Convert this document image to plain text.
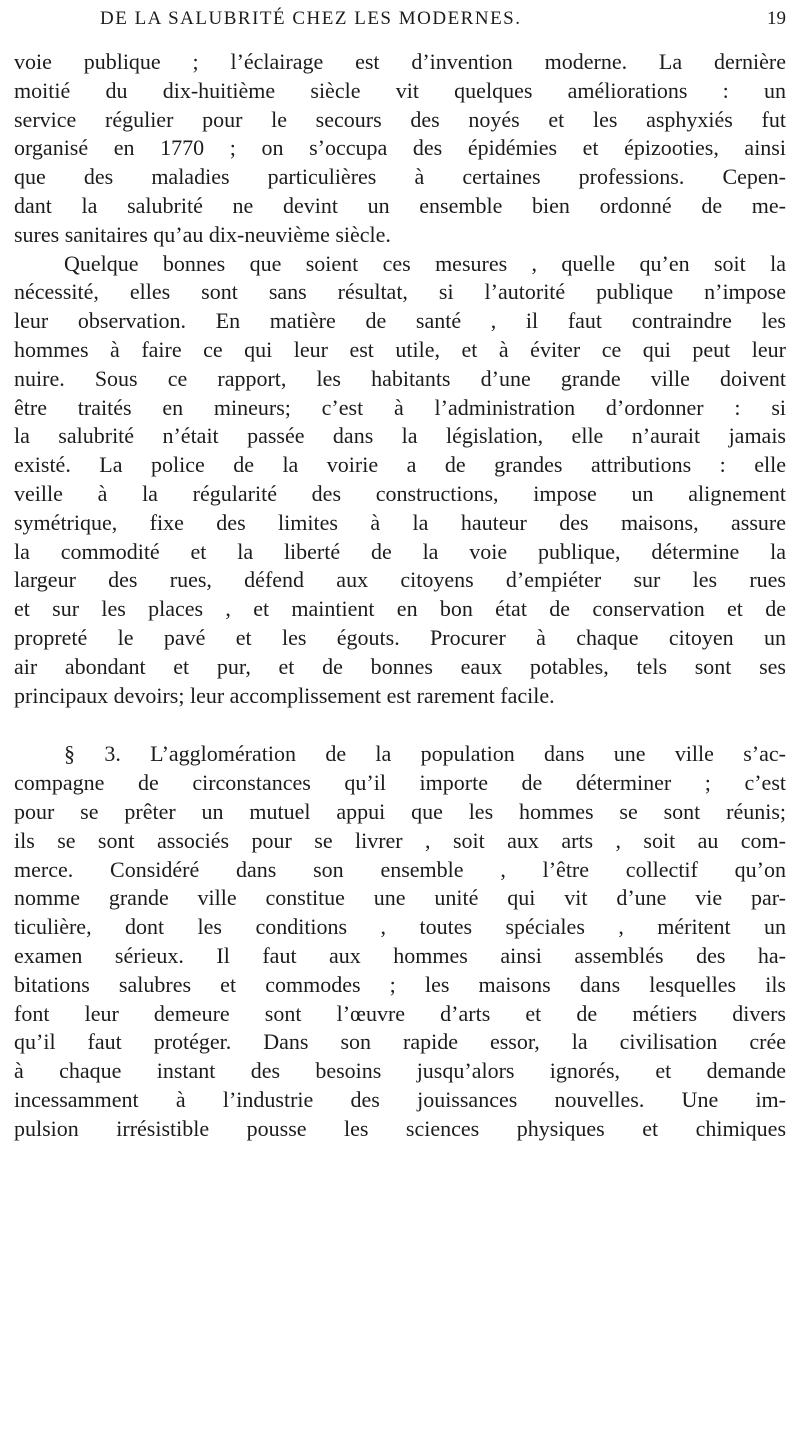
DE LA SALUBRITÉ CHEZ LES MODERNES.	19
voie publique ; l’éclairage est d’invention moderne. La dernière
moitié du dix-huitième siècle vit quelques améliorations : un
service régulier pour le secours des noyés et les asphyxiés fut
organisé en 1770 ; on s’occupa des épidémies et épizooties, ainsi
que des maladies particulières à certaines professions. Cepen-
dant la salubrité ne devint un ensemble bien ordonné de me-
sures sanitaires qu’au dix-neuvième siècle.
Quelque bonnes que soient ces mesures , quelle qu’en soit la
nécessité, elles sont sans résultat, si l’autorité publique n’impose
leur observation. En matière de santé , il faut contraindre les
hommes à faire ce qui leur est utile, et à éviter ce qui peut leur
nuire. Sous ce rapport, les habitants d’une grande ville doivent
être traités en mineurs; c’est à l’administration d’ordonner : si
la salubrité n’était passée dans la législation, elle n’aurait jamais
existé. La police de la voirie a de grandes attributions : elle
veille à la régularité des constructions, impose un alignement
symétrique, fixe des limites à la hauteur des maisons, assure
la commodité et la liberté de la voie publique, détermine la
largeur des rues, défend aux citoyens d’empiéter sur les rues
et sur les places , et maintient en bon état de conservation et de
propreté le pavé et les égouts. Procurer à chaque citoyen un
air abondant et pur, et de bonnes eaux potables, tels sont ses
principaux devoirs; leur accomplissement est rarement facile.
§ 3. L’agglomération de la population dans une ville s’ac-
compagne de circonstances qu’il importe de déterminer ; c’est
pour se prêter un mutuel appui que les hommes se sont réunis;
ils se sont associés pour se livrer , soit aux arts , soit au com-
merce. Considéré dans son ensemble , l’être collectif qu’on
nomme grande ville constitue une unité qui vit d’une vie par-
ticulière, dont les conditions , toutes spéciales , méritent un
examen sérieux. Il faut aux hommes ainsi assemblés des ha-
bitations salubres et commodes ; les maisons dans lesquelles ils
font leur demeure sont l’œuvre d’arts et de métiers divers
qu’il faut protéger. Dans son rapide essor, la civilisation crée
à chaque instant des besoins jusqu’alors ignorés, et demande
incessamment à l’industrie des jouissances nouvelles. Une im-
pulsion irrésistible pousse les sciences physiques et chimiques
